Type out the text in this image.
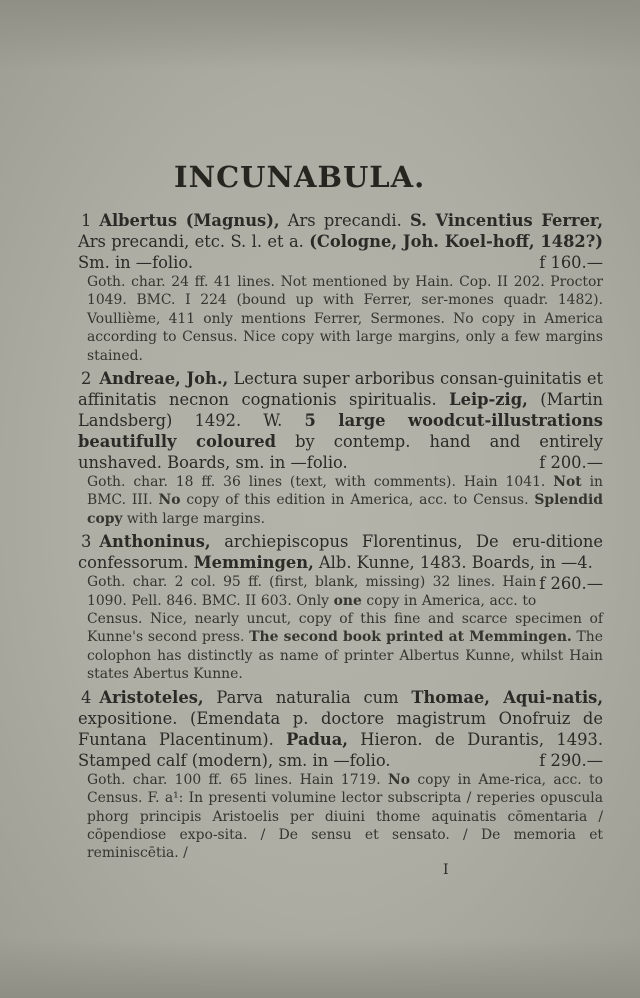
INCUNABULA.

1 Albertus (Magnus), Ars precandi. S. Vincentius Ferrer, Ars precandi, etc. S. l. et a. (Cologne, Joh. Koel-hoff, 1482?) Sm. in —folio.	f 160.—

Goth. char. 24 ff. 41 lines. Not mentioned by Hain. Cop. II 202. Proctor 1049. BMC. I 224 (bound up with Ferrer, ser-mones quadr. 1482). Voullième, 411 only mentions Ferrer, Sermones. No copy in America according to Census. Nice copy with large margins, only a few margins stained.

2 Andreae, Joh., Lectura super arboribus consan-guinitatis et affinitatis necnon cognationis spiritualis. Leip-zig, (Martin Landsberg) 1492. W. 5 large woodcut-illustrations beautifully coloured by contemp. hand and entirely unshaved. Boards, sm. in —folio.	f 200.—

Goth. char. 18 ff. 36 lines (text, with comments). Hain 1041. Not in BMC. III. No copy of this edition in America, acc. to Census. Splendid copy with large margins.

3 Anthoninus, archiepiscopus Florentinus, De eru-ditione confessorum. Memmingen, Alb. Kunne, 1483. Boards, in —4.
f 260.—

Goth. char. 2 col. 95 ff. (first, blank, missing) 32 lines. Hain 1090. Pell. 846. BMC. II 603. Only one copy in America, acc. to Census. Nice, nearly uncut, copy of this fine and scarce specimen of Kunne's second press. The second book printed at Memmingen. The colophon has distinctly as name of printer Albertus Kunne, whilst Hain states Abertus Kunne.

4 Aristoteles, Parva naturalia cum Thomae, Aqui-natis, expositione. (Emendata p. doctore magistrum Onofruiz de Funtana Placentinum). Padua, Hieron. de Durantis, 1493. Stamped calf (modern), sm. in —folio.	f 290.—

Goth. char. 100 ff. 65 lines. Hain 1719. No copy in Ame-rica, acc. to Census. F. a¹: In presenti volumine lector subscripta / reperies opuscula phorg principis Aristoelis per diuini thome aquinatis cōmentaria / cōpendiose expo-sita. / De sensu et sensato. / De memoria et reminiscētia. /

I
